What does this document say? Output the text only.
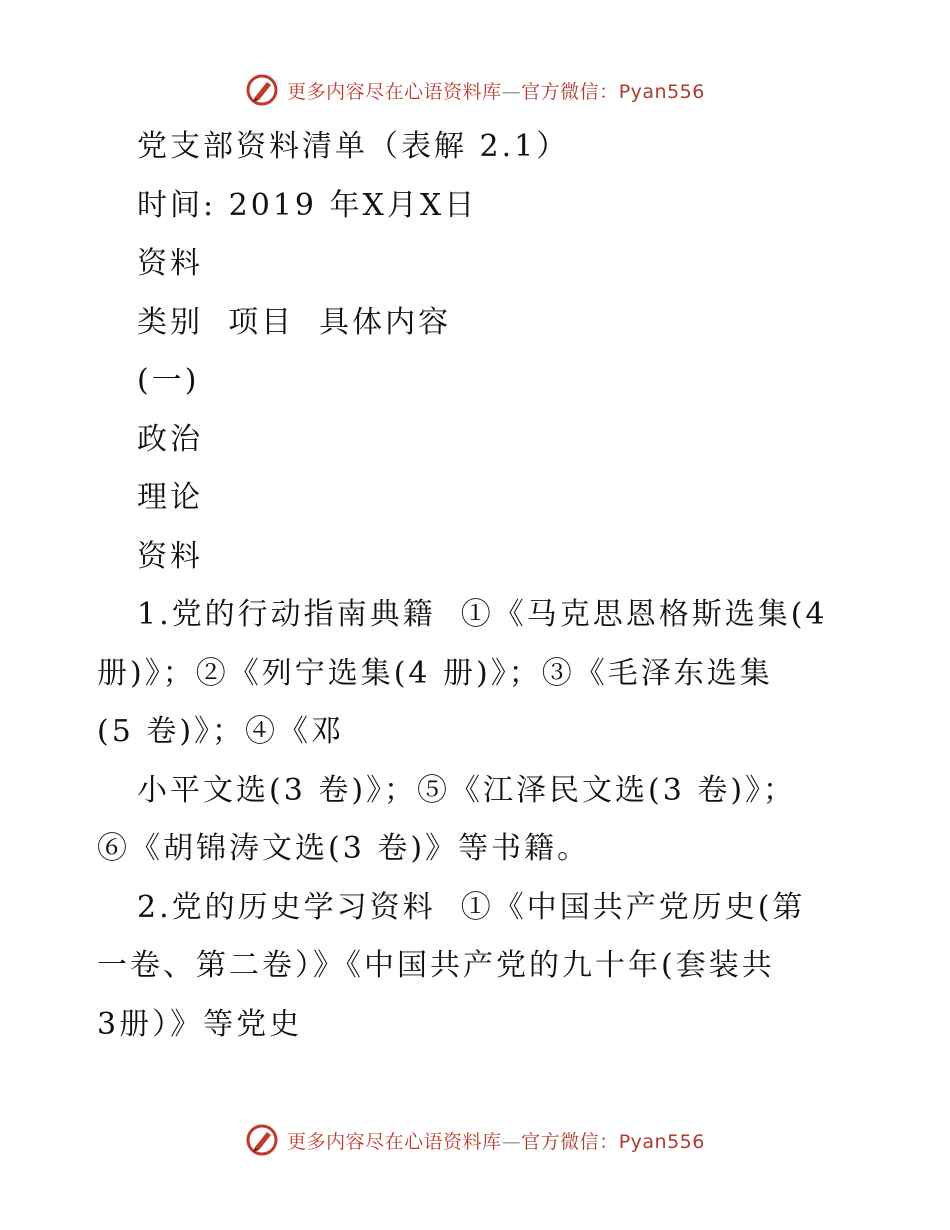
更多内容尽在心语资料库—官方微信：Pyan556
党支部资料清单（表解 2.1）
时间: 2019 年X月X日
资料
类别  项目  具体内容
(一)
政治
理论
资料
1.党的行动指南典籍  ①《马克思恩格斯选集(4
册)》；②《列宁选集(4 册)》；③《毛泽东选集
(5 卷)》；④《邓
小平文选(3 卷)》；⑤《江泽民文选(3 卷)》；
⑥《胡锦涛文选(3 卷)》等书籍。
2.党的历史学习资料  ①《中国共产党历史(第
一卷、第二卷）》《中国共产党的九十年(套装共
3册）》等党史
更多内容尽在心语资料库—官方微信：Pyan556
